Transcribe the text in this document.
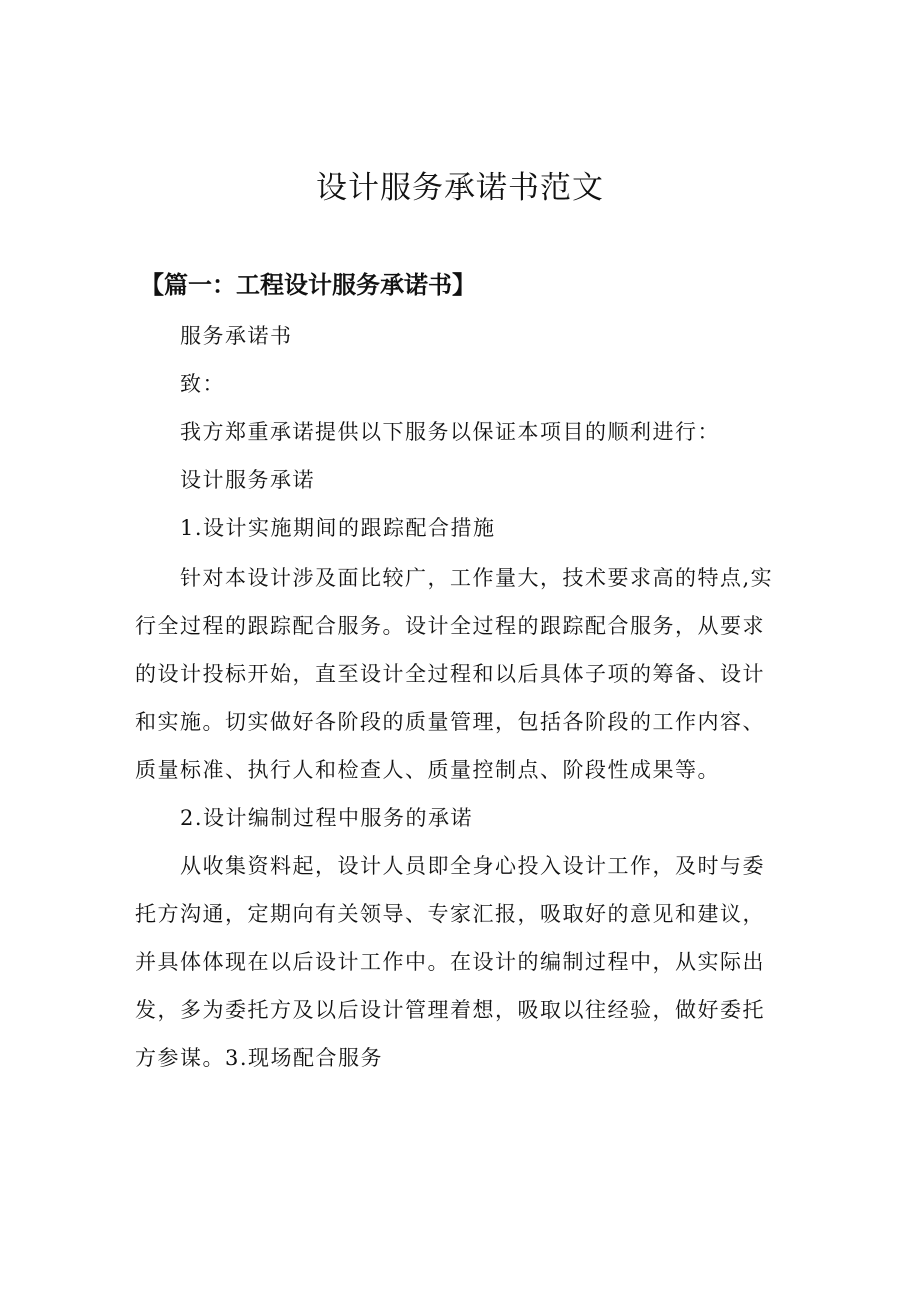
设计服务承诺书范文
【篇一：工程设计服务承诺书】
服务承诺书
致：
我方郑重承诺提供以下服务以保证本项目的顺利进行：
设计服务承诺
1.设计实施期间的跟踪配合措施
针对本设计涉及面比较广，工作量大，技术要求高的特点,实
行全过程的跟踪配合服务。设计全过程的跟踪配合服务，从要求
的设计投标开始，直至设计全过程和以后具体子项的筹备、设计
和实施。切实做好各阶段的质量管理，包括各阶段的工作内容、
质量标准、执行人和检查人、质量控制点、阶段性成果等。
2.设计编制过程中服务的承诺
从收集资料起，设计人员即全身心投入设计工作，及时与委
托方沟通，定期向有关领导、专家汇报，吸取好的意见和建议，
并具体体现在以后设计工作中。在设计的编制过程中，从实际出
发，多为委托方及以后设计管理着想，吸取以往经验，做好委托
方参谋。3.现场配合服务
